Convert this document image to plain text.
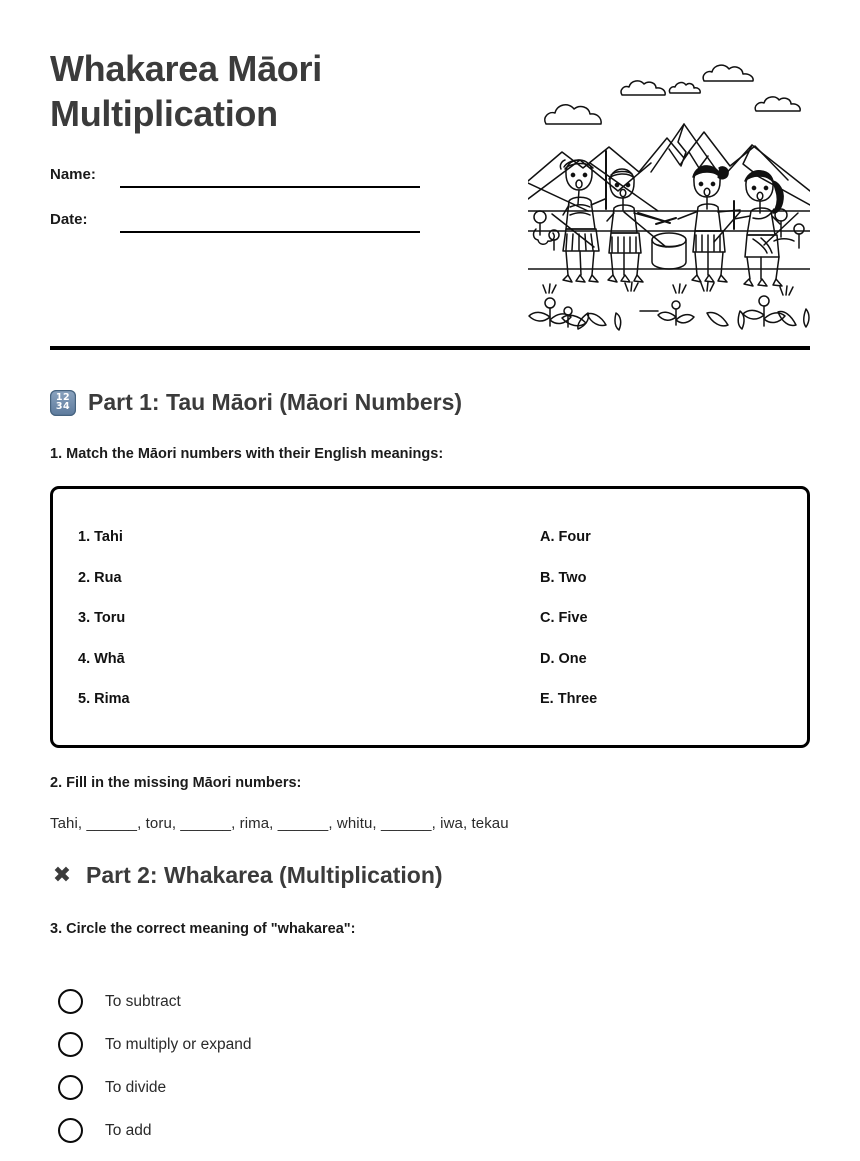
Whakarea Māori Multiplication
Name:
Date:
12
34 Part 1: Tau Māori (Māori Numbers)
1. Match the Māori numbers with their English meanings:
1. Tahi
2. Rua
3. Toru
4. Whā
5. Rima
A. Four
B. Two
C. Five
D. One
E. Three
2. Fill in the missing Māori numbers:
Tahi, ______, toru, ______, rima, ______, whitu, ______, iwa, tekau
✖ Part 2: Whakarea (Multiplication)
3. Circle the correct meaning of "whakarea":
To subtract
To multiply or expand
To divide
To add
